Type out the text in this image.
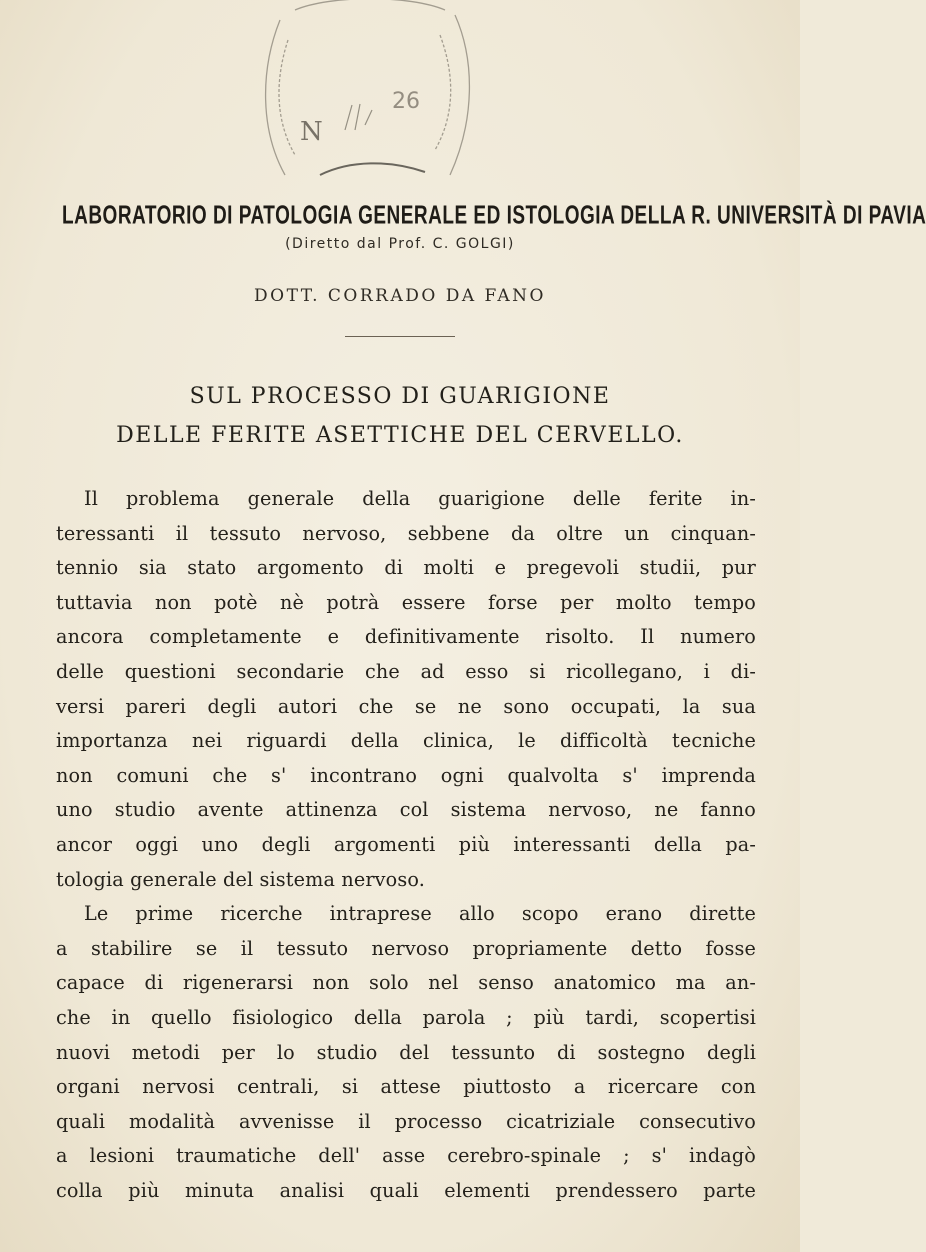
26
N
LABORATORIO DI PATOLOGIA GENERALE ED ISTOLOGIA DELLA R. UNIVERSITÀ DI PAVIA
(Diretto dal Prof. C. GOLGI)
DOTT. CORRADO DA FANO
SUL PROCESSO DI GUARIGIONE
DELLE FERITE ASETTICHE DEL CERVELLO.
Il problema generale della guarigione delle ferite in-
teressanti il tessuto nervoso, sebbene da oltre un cinquan-
tennio sia stato argomento di molti e pregevoli studii, pur
tuttavia non potè nè potrà essere forse per molto tempo
ancora completamente e definitivamente risolto. Il numero
delle questioni secondarie che ad esso si ricollegano, i di-
versi pareri degli autori che se ne sono occupati, la sua
importanza nei riguardi della clinica, le difficoltà tecniche
non comuni che s' incontrano ogni qualvolta s' imprenda
uno studio avente attinenza col sistema nervoso, ne fanno
ancor oggi uno degli argomenti più interessanti della pa-
tologia generale del sistema nervoso.
Le prime ricerche intraprese allo scopo erano dirette
a stabilire se il tessuto nervoso propriamente detto fosse
capace di rigenerarsi non solo nel senso anatomico ma an-
che in quello fisiologico della parola ; più tardi, scopertisi
nuovi metodi per lo studio del tessunto di sostegno degli
organi nervosi centrali, si attese piuttosto a ricercare con
quali modalità avvenisse il processo cicatriziale consecutivo
a lesioni traumatiche dell' asse cerebro-spinale ; s' indagò
colla più minuta analisi quali elementi prendessero parte
